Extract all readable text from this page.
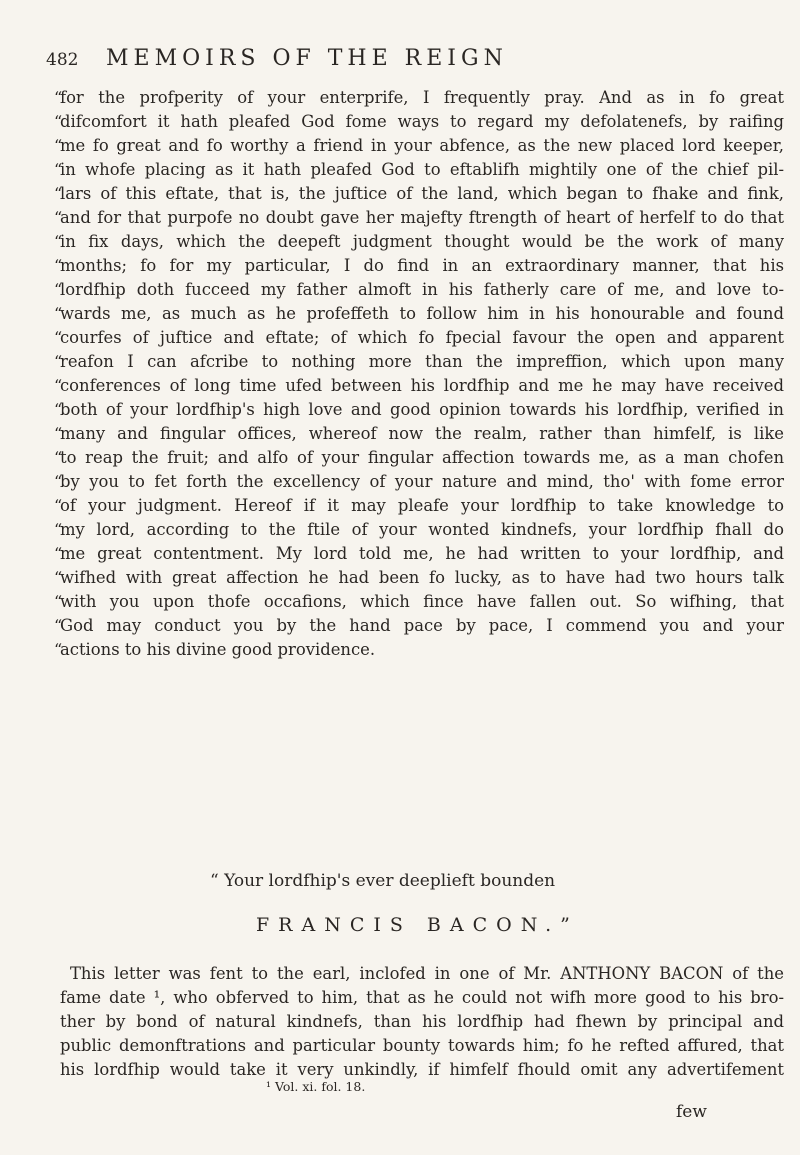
482 MEMOIRS OF THE REIGN
“
for the profperity of your enterprife, I frequently pray. And as in fo great
“
difcomfort it hath pleafed God fome ways to regard my defolatenefs, by raifing
“
me fo great and fo worthy a friend in your abfence, as the new placed lord keeper,
“
in whofe placing as it hath pleafed God to eftablifh mightily one of the chief pil-
“
lars of this eftate, that is, the juftice of the land, which began to fhake and fink,
“
and for that purpofe no doubt gave her majefty ftrength of heart of herfelf to do that
“
in fix days, which the deepeft judgment thought would be the work of many
“
months; fo for my particular, I do find in an extraordinary manner, that his
“
lordfhip doth fucceed my father almoft in his fatherly care of me, and love to-
“
wards me, as much as he profeffeth to follow him in his honourable and found
“
courfes of juftice and eftate; of which fo fpecial favour the open and apparent
“
reafon I can afcribe to nothing more than the impreffion, which upon many
“
conferences of long time ufed between his lordfhip and me he may have received
“
both of your lordfhip's high love and good opinion towards his lordfhip, verified in
“
many and fingular offices, whereof now the realm, rather than himfelf, is like
“
to reap the fruit; and alfo of your fingular affection towards me, as a man chofen
“
by you to fet forth the excellency of your nature and mind, tho' with fome error
“
of your judgment. Hereof if it may pleafe your lordfhip to take knowledge to
“
my lord, according to the ftile of your wonted kindnefs, your lordfhip fhall do
“
me great contentment. My lord told me, he had written to your lordfhip, and
“
wifhed with great affection he had been fo lucky, as to have had two hours talk
“
with you upon thofe occafions, which fince have fallen out. So wifhing, that
“
God may conduct you by the hand pace by pace, I commend you and your
“
actions to his divine good providence.
“ Your lordfhip's ever deeplieft bounden
FRANCIS BACON.”
This letter was fent to the earl, inclofed in one of Mr. ANTHONY BACON of the
fame date ¹, who obferved to him, that as he could not wifh more good to his bro-
ther by bond of natural kindnefs, than his lordfhip had fhewn by principal and
public demonftrations and particular bounty towards him; fo he refted affured, that
his lordfhip would take it very unkindly, if himfelf fhould omit any advertifement
¹ Vol. xi. fol. 18.
few
